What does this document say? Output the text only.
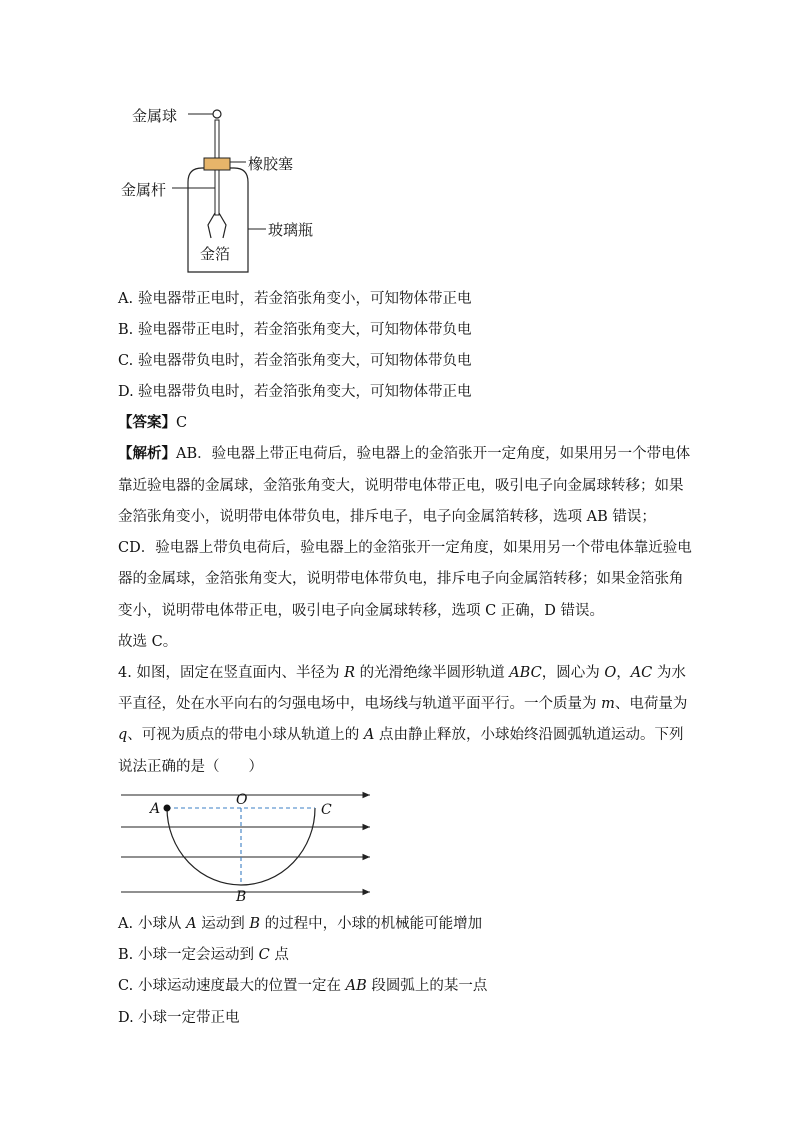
金属球
橡胶塞
金属杆
玻璃瓶
金箔
A. 验电器带正电时，若金箔张角变小，可知物体带正电
B. 验电器带正电时，若金箔张角变大，可知物体带负电
C. 验电器带负电时，若金箔张角变大，可知物体带负电
D. 验电器带负电时，若金箔张角变大，可知物体带正电
【答案】C
【解析】AB．验电器上带正电荷后，验电器上的金箔张开一定角度，如果用另一个带电体
靠近验电器的金属球，金箔张角变大，说明带电体带正电，吸引电子向金属球转移；如果
金箔张角变小，说明带电体带负电，排斥电子，电子向金属箔转移，选项 AB 错误；
CD．验电器上带负电荷后，验电器上的金箔张开一定角度，如果用另一个带电体靠近验电
器的金属球，金箔张角变大，说明带电体带负电，排斥电子向金属箔转移；如果金箔张角
变小，说明带电体带正电，吸引电子向金属球转移，选项 C 正确，D 错误。
故选 C。
4. 如图，固定在竖直面内、半径为 R 的光滑绝缘半圆形轨道 ABC，圆心为 O，AC 为水
平直径，处在水平向右的匀强电场中，电场线与轨道平面平行。一个质量为 m、电荷量为
q、可视为质点的带电小球从轨道上的 A 点由静止释放，小球始终沿圆弧轨道运动。下列
说法正确的是（　　）
A
O
C
B
A. 小球从 A 运动到 B 的过程中，小球的机械能可能增加
B. 小球一定会运动到 C 点
C. 小球运动速度最大的位置一定在 AB 段圆弧上的某一点
D. 小球一定带正电
